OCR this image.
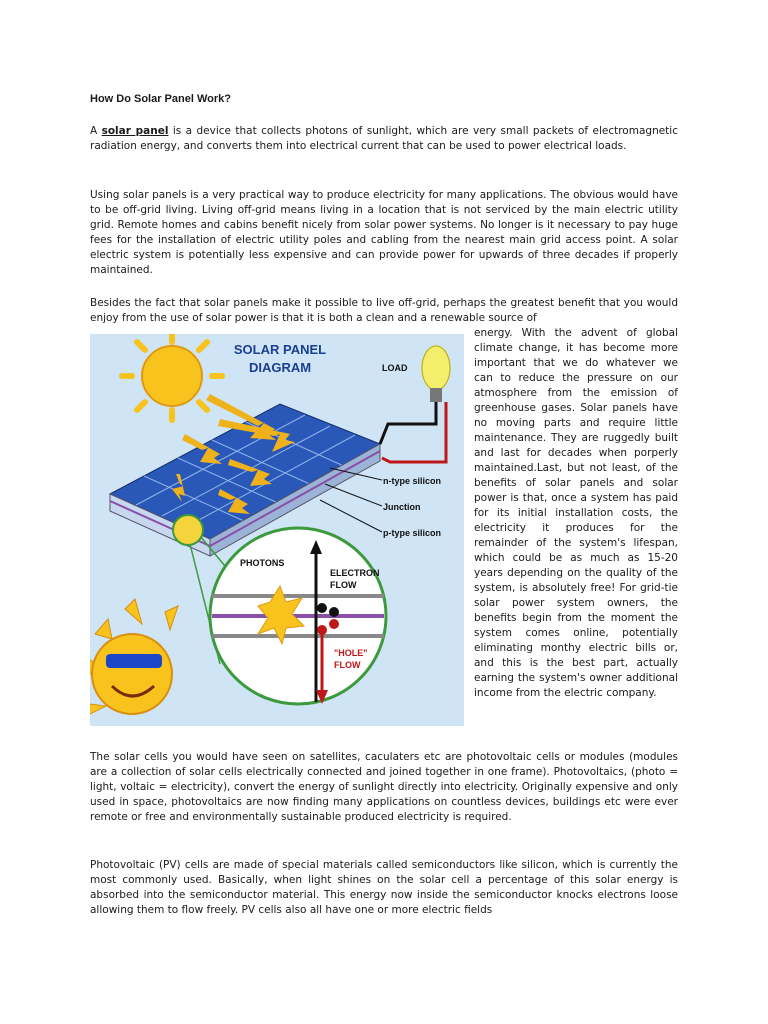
How Do Solar Panel Work?

A solar panel is a device that collects photons of sunlight, which are very small packets of electromagnetic radiation energy, and converts them into electrical current that can be used to power electrical loads.

Using solar panels is a very practical way to produce electricity for many applications. The obvious would have to be off-grid living. Living off-grid means living in a location that is not serviced by the main electric utility grid. Remote homes and cabins benefit nicely from solar power systems. No longer is it necessary to pay huge fees for the installation of electric utility poles and cabling from the nearest main grid access point. A solar electric system is potentially less expensive and can provide power for upwards of three decades if properly maintained.

Besides the fact that solar panels make it possible to live off-grid, perhaps the greatest benefit that you would enjoy from the use of solar power is that it is both a clean and a renewable source of

SOLAR PANEL
DIAGRAM	LOAD
n-type silicon
Junction
p-type silicon
PHOTONS
ELECTRON
FLOW
"HOLE"
FLOW

energy. With the advent of global climate change, it has become more important that we do whatever we can to reduce the pressure on our atmosphere from the emission of greenhouse gases. Solar panels have no moving parts and require little maintenance. They are ruggedly built and last for decades when porperly maintained.Last, but not least, of the benefits of solar panels and solar power is that, once a system has paid for its initial installation costs, the electricity it produces for the remainder of the system's lifespan, which could be as much as 15-20 years depending on the quality of the system, is absolutely free! For grid-tie solar power system owners, the benefits begin from the moment the system comes online, potentially eliminating monthy electric bills or, and this is the best part, actually earning the system's owner additional income from the electric company.

The solar cells you would have seen on satellites, caculaters etc are photovoltaic cells or modules (modules are a collection of solar cells electrically connected and joined together in one frame). Photovoltaics, (photo = light, voltaic = electricity), convert the energy of sunlight directly into electricity. Originally expensive and only used in space, photovoltaics are now finding many applications on countless devices, buildings etc were ever remote or free and environmentally sustainable produced electricity is required.

Photovoltaic (PV) cells are made of special materials called semiconductors like silicon, which is currently the most commonly used. Basically, when light shines on the solar cell a percentage of this solar energy is absorbed into the semiconductor material. This energy now inside the semiconductor knocks electrons loose allowing them to flow freely. PV cells also all have one or more electric fields
